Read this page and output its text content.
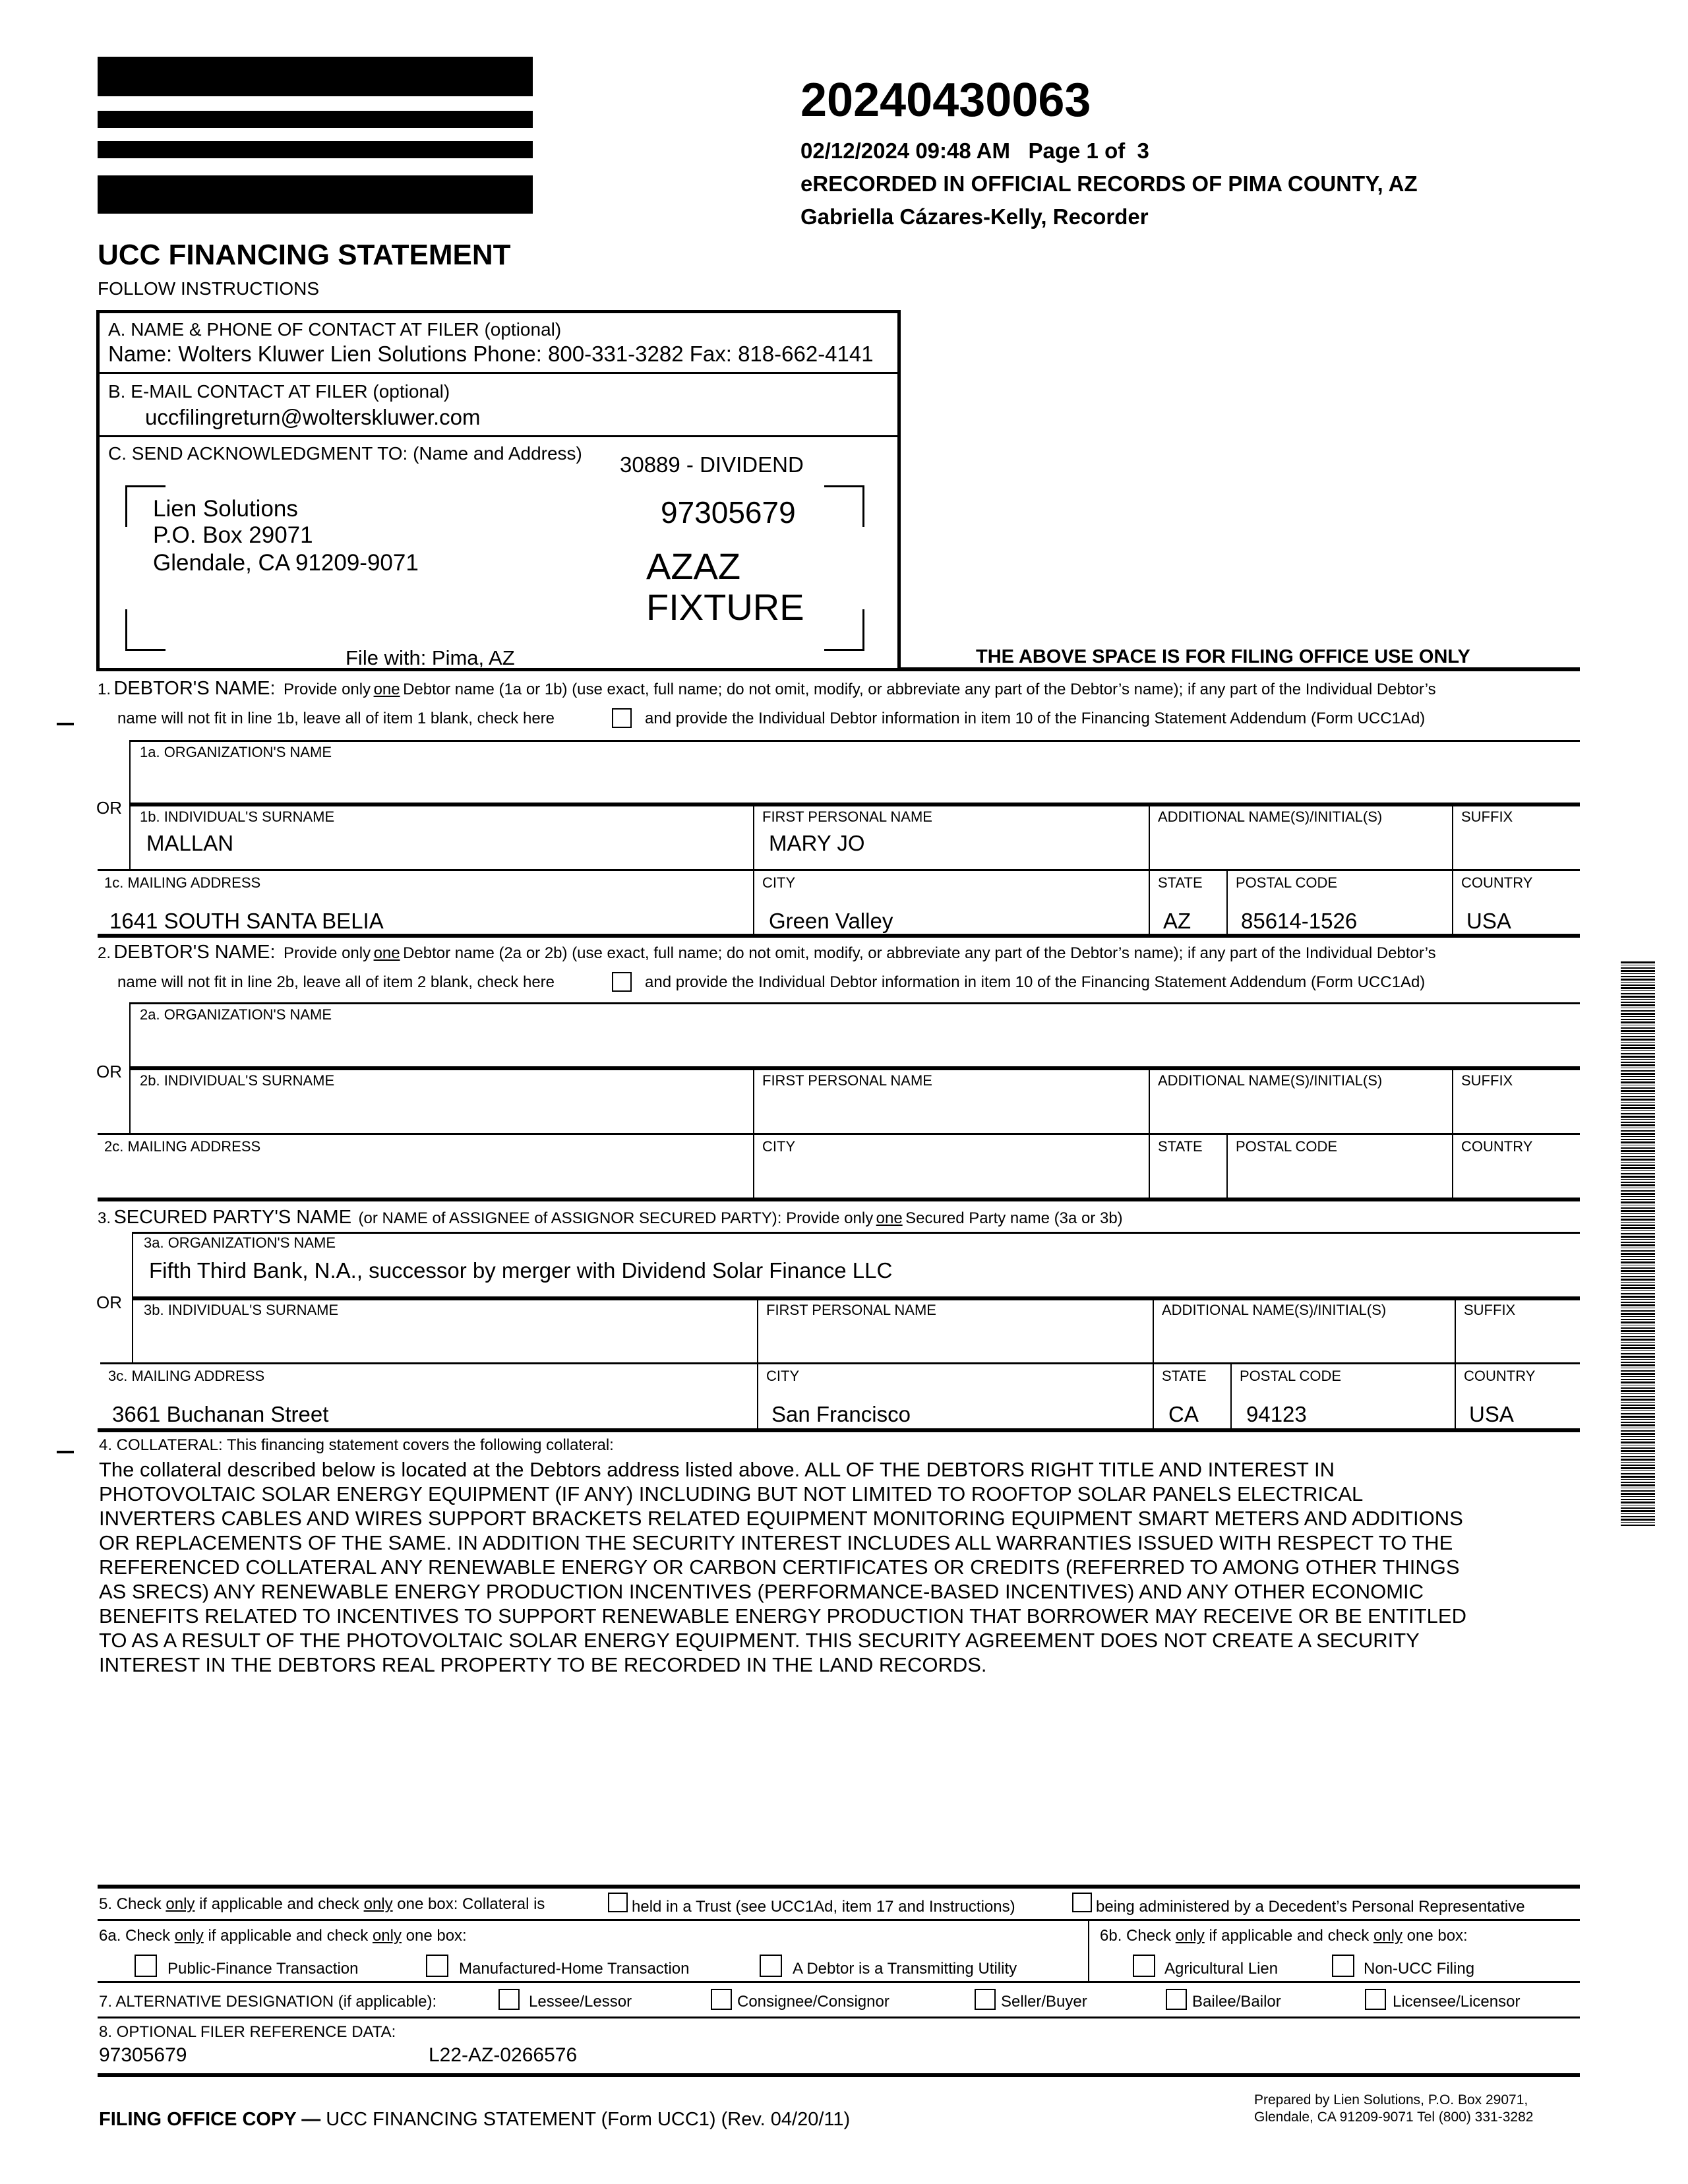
20240430063
02/12/2024 09:48 AM   Page 1 of  3
eRECORDED IN OFFICIAL RECORDS OF PIMA COUNTY, AZ
Gabriella Cázares-Kelly, Recorder
UCC FINANCING STATEMENT
FOLLOW INSTRUCTIONS
A. NAME & PHONE OF CONTACT AT FILER (optional)
Name: Wolters Kluwer Lien Solutions Phone: 800-331-3282 Fax: 818-662-4141
B. E-MAIL CONTACT AT FILER (optional)
uccfilingreturn@wolterskluwer.com
C. SEND ACKNOWLEDGMENT TO: (Name and Address) 30889 - DIVIDEND
Lien Solutions
P.O. Box 29071
Glendale, CA 91209-9071
97305679
AZAZ
FIXTURE
File with: Pima, AZ	THE ABOVE SPACE IS FOR FILING OFFICE USE ONLY
1. DEBTOR'S NAME: Provide only one Debtor name (1a or 1b) (use exact, full name; do not omit, modify, or abbreviate any part of the Debtor’s name); if any part of the Individual Debtor’s
name will not fit in line 1b, leave all of item 1 blank, check here	and provide the Individual Debtor information in item 10 of the Financing Statement Addendum (Form UCC1Ad)
1a. ORGANIZATION'S NAME
OR 1b. INDIVIDUAL'S SURNAME
MALLAN
FIRST PERSONAL NAME
MARY JO
ADDITIONAL NAME(S)/INITIAL(S)	SUFFIX
1c. MAILING ADDRESS
1641 SOUTH SANTA BELIA
CITY
Green Valley
STATE
AZ
POSTAL CODE
85614-1526
COUNTRY
USA
2. DEBTOR'S NAME: Provide only one Debtor name (2a or 2b) (use exact, full name; do not omit, modify, or abbreviate any part of the Debtor’s name); if any part of the Individual Debtor’s
name will not fit in line 2b, leave all of item 2 blank, check here	and provide the Individual Debtor information in item 10 of the Financing Statement Addendum (Form UCC1Ad)
2a. ORGANIZATION'S NAME
OR 2b. INDIVIDUAL'S SURNAME	FIRST PERSONAL NAME	ADDITIONAL NAME(S)/INITIAL(S)	SUFFIX
2c. MAILING ADDRESS	CITY	STATE POSTAL CODE	COUNTRY
3. SECURED PARTY'S NAME (or NAME of ASSIGNEE of ASSIGNOR SECURED PARTY): Provide only one Secured Party name (3a or 3b)
3a. ORGANIZATION'S NAME
Fifth Third Bank, N.A., successor by merger with Dividend Solar Finance LLC
OR 3b. INDIVIDUAL'S SURNAME	FIRST PERSONAL NAME	ADDITIONAL NAME(S)/INITIAL(S)	SUFFIX
3c. MAILING ADDRESS
3661 Buchanan Street
CITY
San Francisco
STATE
CA
POSTAL CODE
94123
COUNTRY
USA
4. COLLATERAL: This financing statement covers the following collateral:
The collateral described below is located at the Debtors address listed above. ALL OF THE DEBTORS RIGHT TITLE AND INTEREST IN
PHOTOVOLTAIC SOLAR ENERGY EQUIPMENT (IF ANY) INCLUDING BUT NOT LIMITED TO ROOFTOP SOLAR PANELS ELECTRICAL
INVERTERS CABLES AND WIRES SUPPORT BRACKETS RELATED EQUIPMENT MONITORING EQUIPMENT SMART METERS AND ADDITIONS
OR REPLACEMENTS OF THE SAME. IN ADDITION THE SECURITY INTEREST INCLUDES ALL WARRANTIES ISSUED WITH RESPECT TO THE
REFERENCED COLLATERAL ANY RENEWABLE ENERGY OR CARBON CERTIFICATES OR CREDITS (REFERRED TO AMONG OTHER THINGS
AS SRECS) ANY RENEWABLE ENERGY PRODUCTION INCENTIVES (PERFORMANCE-BASED INCENTIVES) AND ANY OTHER ECONOMIC
BENEFITS RELATED TO INCENTIVES TO SUPPORT RENEWABLE ENERGY PRODUCTION THAT BORROWER MAY RECEIVE OR BE ENTITLED
TO AS A RESULT OF THE PHOTOVOLTAIC SOLAR ENERGY EQUIPMENT. THIS SECURITY AGREEMENT DOES NOT CREATE A SECURITY
INTEREST IN THE DEBTORS REAL PROPERTY TO BE RECORDED IN THE LAND RECORDS.
5. Check only if applicable and check only one box: Collateral is	held in a Trust (see UCC1Ad, item 17 and Instructions)	being administered by a Decedent’s Personal Representative
6a. Check only if applicable and check only one box:	6b. Check only if applicable and check only one box:
Public-Finance Transaction	Manufactured-Home Transaction	A Debtor is a Transmitting Utility	Agricultural Lien	Non-UCC Filing
7. ALTERNATIVE DESIGNATION (if applicable):	Lessee/Lessor	Consignee/Consignor	Seller/Buyer	Bailee/Bailor	Licensee/Licensor
8. OPTIONAL FILER REFERENCE DATA:
97305679	L22-AZ-0266576
FILING OFFICE COPY — UCC FINANCING STATEMENT (Form UCC1) (Rev. 04/20/11)
Prepared by Lien Solutions, P.O. Box 29071,
Glendale, CA 91209-9071 Tel (800) 331-3282
